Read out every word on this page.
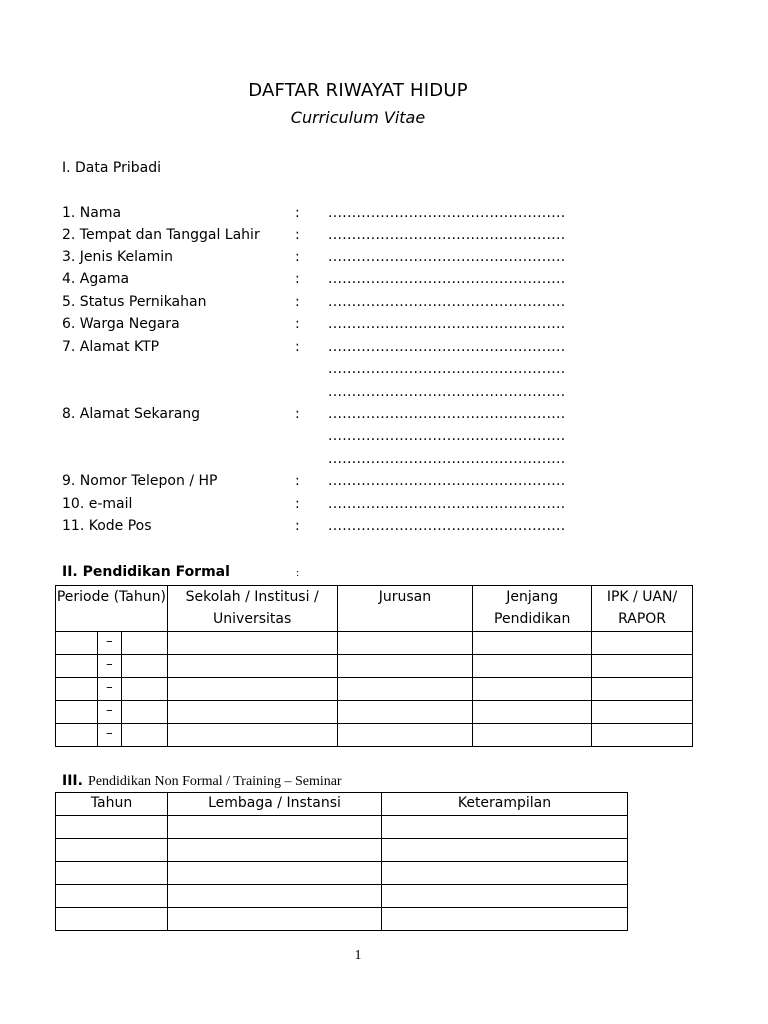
DAFTAR RIWAYAT HIDUP
Curriculum Vitae
I. Data Pribadi
1. Nama	: ..................................................
2. Tempat dan Tanggal Lahir	: ..................................................
3. Jenis Kelamin	: ..................................................
4. Agama	: ..................................................
5. Status Pernikahan	: ..................................................
6. Warga Negara	: ..................................................
7. Alamat KTP	: ..................................................
..................................................
..................................................
8. Alamat Sekarang	: ..................................................
..................................................
..................................................
9. Nomor Telepon / HP	: ..................................................
10. e-mail	: ..................................................
11. Kode Pos	: ..................................................
II. Pendidikan Formal	:
Periode (Tahun)			Sekolah / Institusi / Universitas	Jurusan	Jenjang Pendidikan	IPK / UAN/ RAPOR
	–					
	–					
	–					
	–					
	–					
III. Pendidikan Non Formal / Training – Seminar
Tahun	Lembaga / Instansi	Keterampilan

1
